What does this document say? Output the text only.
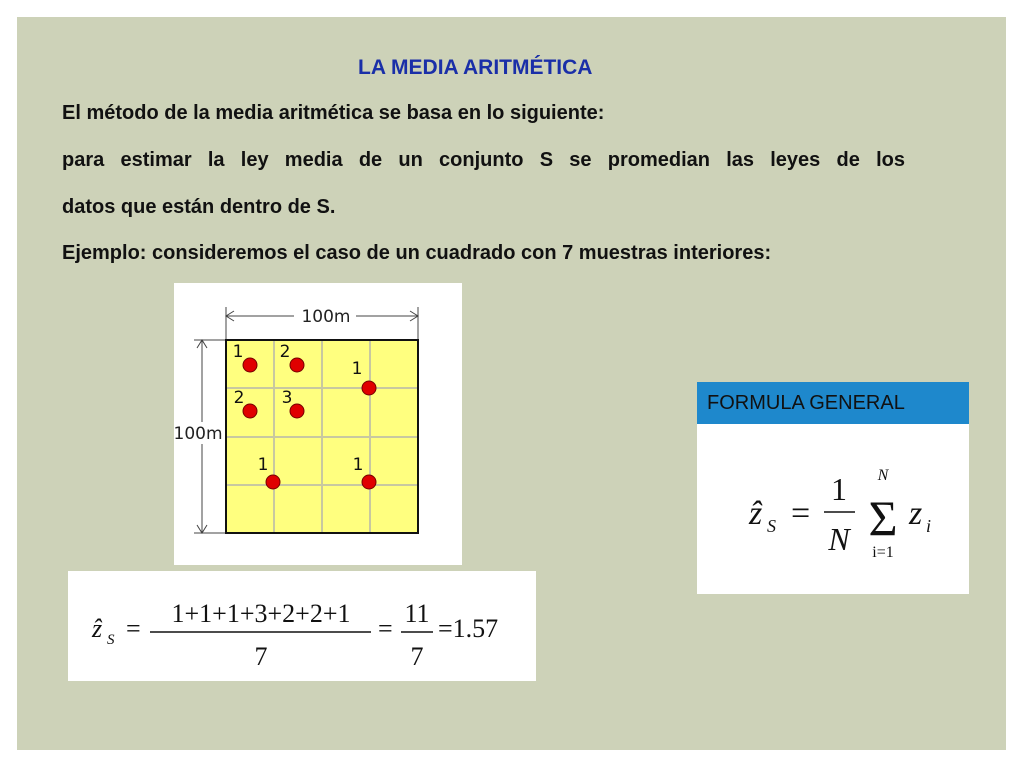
LA MEDIA ARITMÉTICA
El método de la media aritmética se basa en lo siguiente:
para estimar la ley media de un conjunto S se promedian las leyes de los
datos que están dentro de S.
Ejemplo: consideremos el caso de un cuadrado con 7 muestras interiores:
100m
100m
1 2
1
2 3
1	1
ẑ S =
1+1+1+3+2+2+1
7
=
11
7
=1.57
FORMULA GENERAL
ẑ S =
1
N
N
Σ
i=1
z i
